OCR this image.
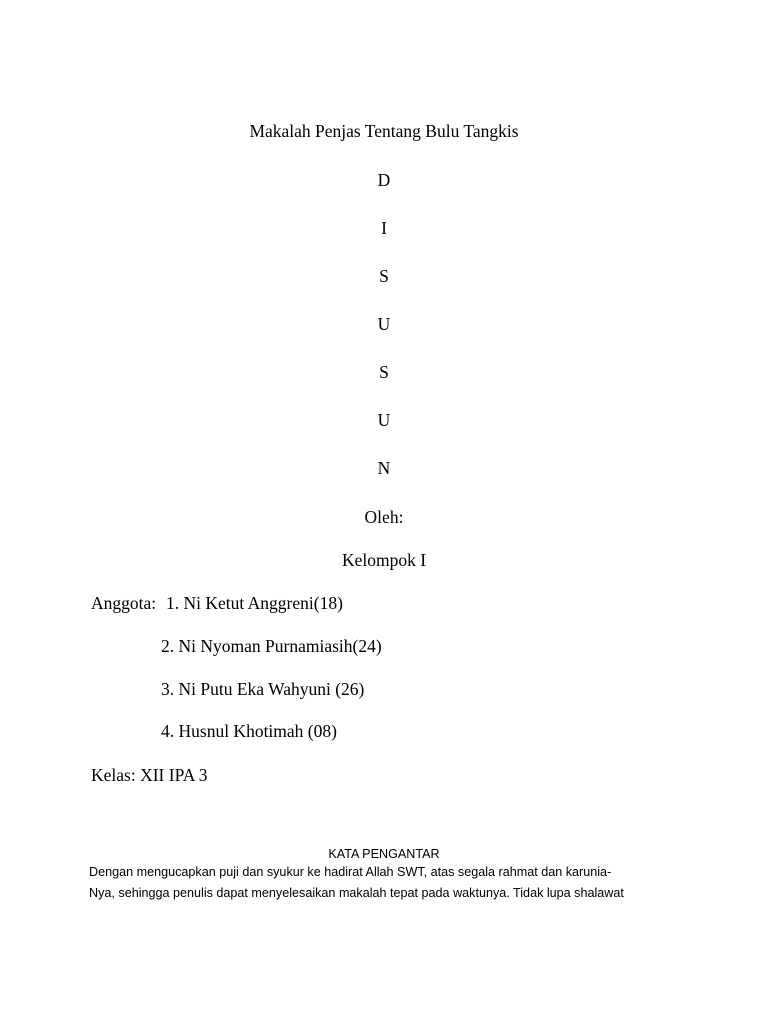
Makalah Penjas Tentang Bulu Tangkis
D
I
S
U
S
U
N
Oleh:
Kelompok I
Anggota: 1. Ni Ketut Anggreni(18)
2. Ni Nyoman Purnamiasih(24)
3. Ni Putu Eka Wahyuni (26)
4. Husnul Khotimah (08)
Kelas: XII IPA 3
KATA PENGANTAR
Dengan mengucapkan puji dan syukur ke hadirat Allah SWT, atas segala rahmat dan karunia-
Nya, sehingga penulis dapat menyelesaikan makalah tepat pada waktunya. Tidak lupa shalawat
